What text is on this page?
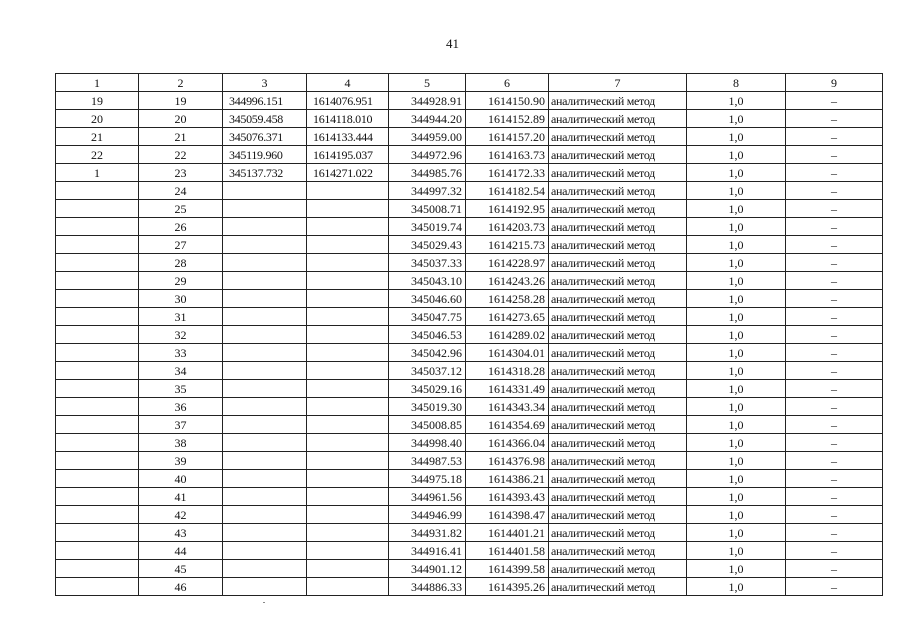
41
1	2	3	4	5	6	7	8	9
19	19	344996.151	1614076.951	344928.91	1614150.90	аналитический метод	1,0	–
20	20	345059.458	1614118.010	344944.20	1614152.89	аналитический метод	1,0	–
21	21	345076.371	1614133.444	344959.00	1614157.20	аналитический метод	1,0	–
22	22	345119.960	1614195.037	344972.96	1614163.73	аналитический метод	1,0	–
1	23	345137.732	1614271.022	344985.76	1614172.33	аналитический метод	1,0	–
	24			344997.32	1614182.54	аналитический метод	1,0	–
	25			345008.71	1614192.95	аналитический метод	1,0	–
	26			345019.74	1614203.73	аналитический метод	1,0	–
	27			345029.43	1614215.73	аналитический метод	1,0	–
	28			345037.33	1614228.97	аналитический метод	1,0	–
	29			345043.10	1614243.26	аналитический метод	1,0	–
	30			345046.60	1614258.28	аналитический метод	1,0	–
	31			345047.75	1614273.65	аналитический метод	1,0	–
	32			345046.53	1614289.02	аналитический метод	1,0	–
	33			345042.96	1614304.01	аналитический метод	1,0	–
	34			345037.12	1614318.28	аналитический метод	1,0	–
	35			345029.16	1614331.49	аналитический метод	1,0	–
	36			345019.30	1614343.34	аналитический метод	1,0	–
	37			345008.85	1614354.69	аналитический метод	1,0	–
	38			344998.40	1614366.04	аналитический метод	1,0	–
	39			344987.53	1614376.98	аналитический метод	1,0	–
	40			344975.18	1614386.21	аналитический метод	1,0	–
	41			344961.56	1614393.43	аналитический метод	1,0	–
	42			344946.99	1614398.47	аналитический метод	1,0	–
	43			344931.82	1614401.21	аналитический метод	1,0	–
	44			344916.41	1614401.58	аналитический метод	1,0	–
	45			344901.12	1614399.58	аналитический метод	1,0	–
	46			344886.33	1614395.26	аналитический метод	1,0	–
